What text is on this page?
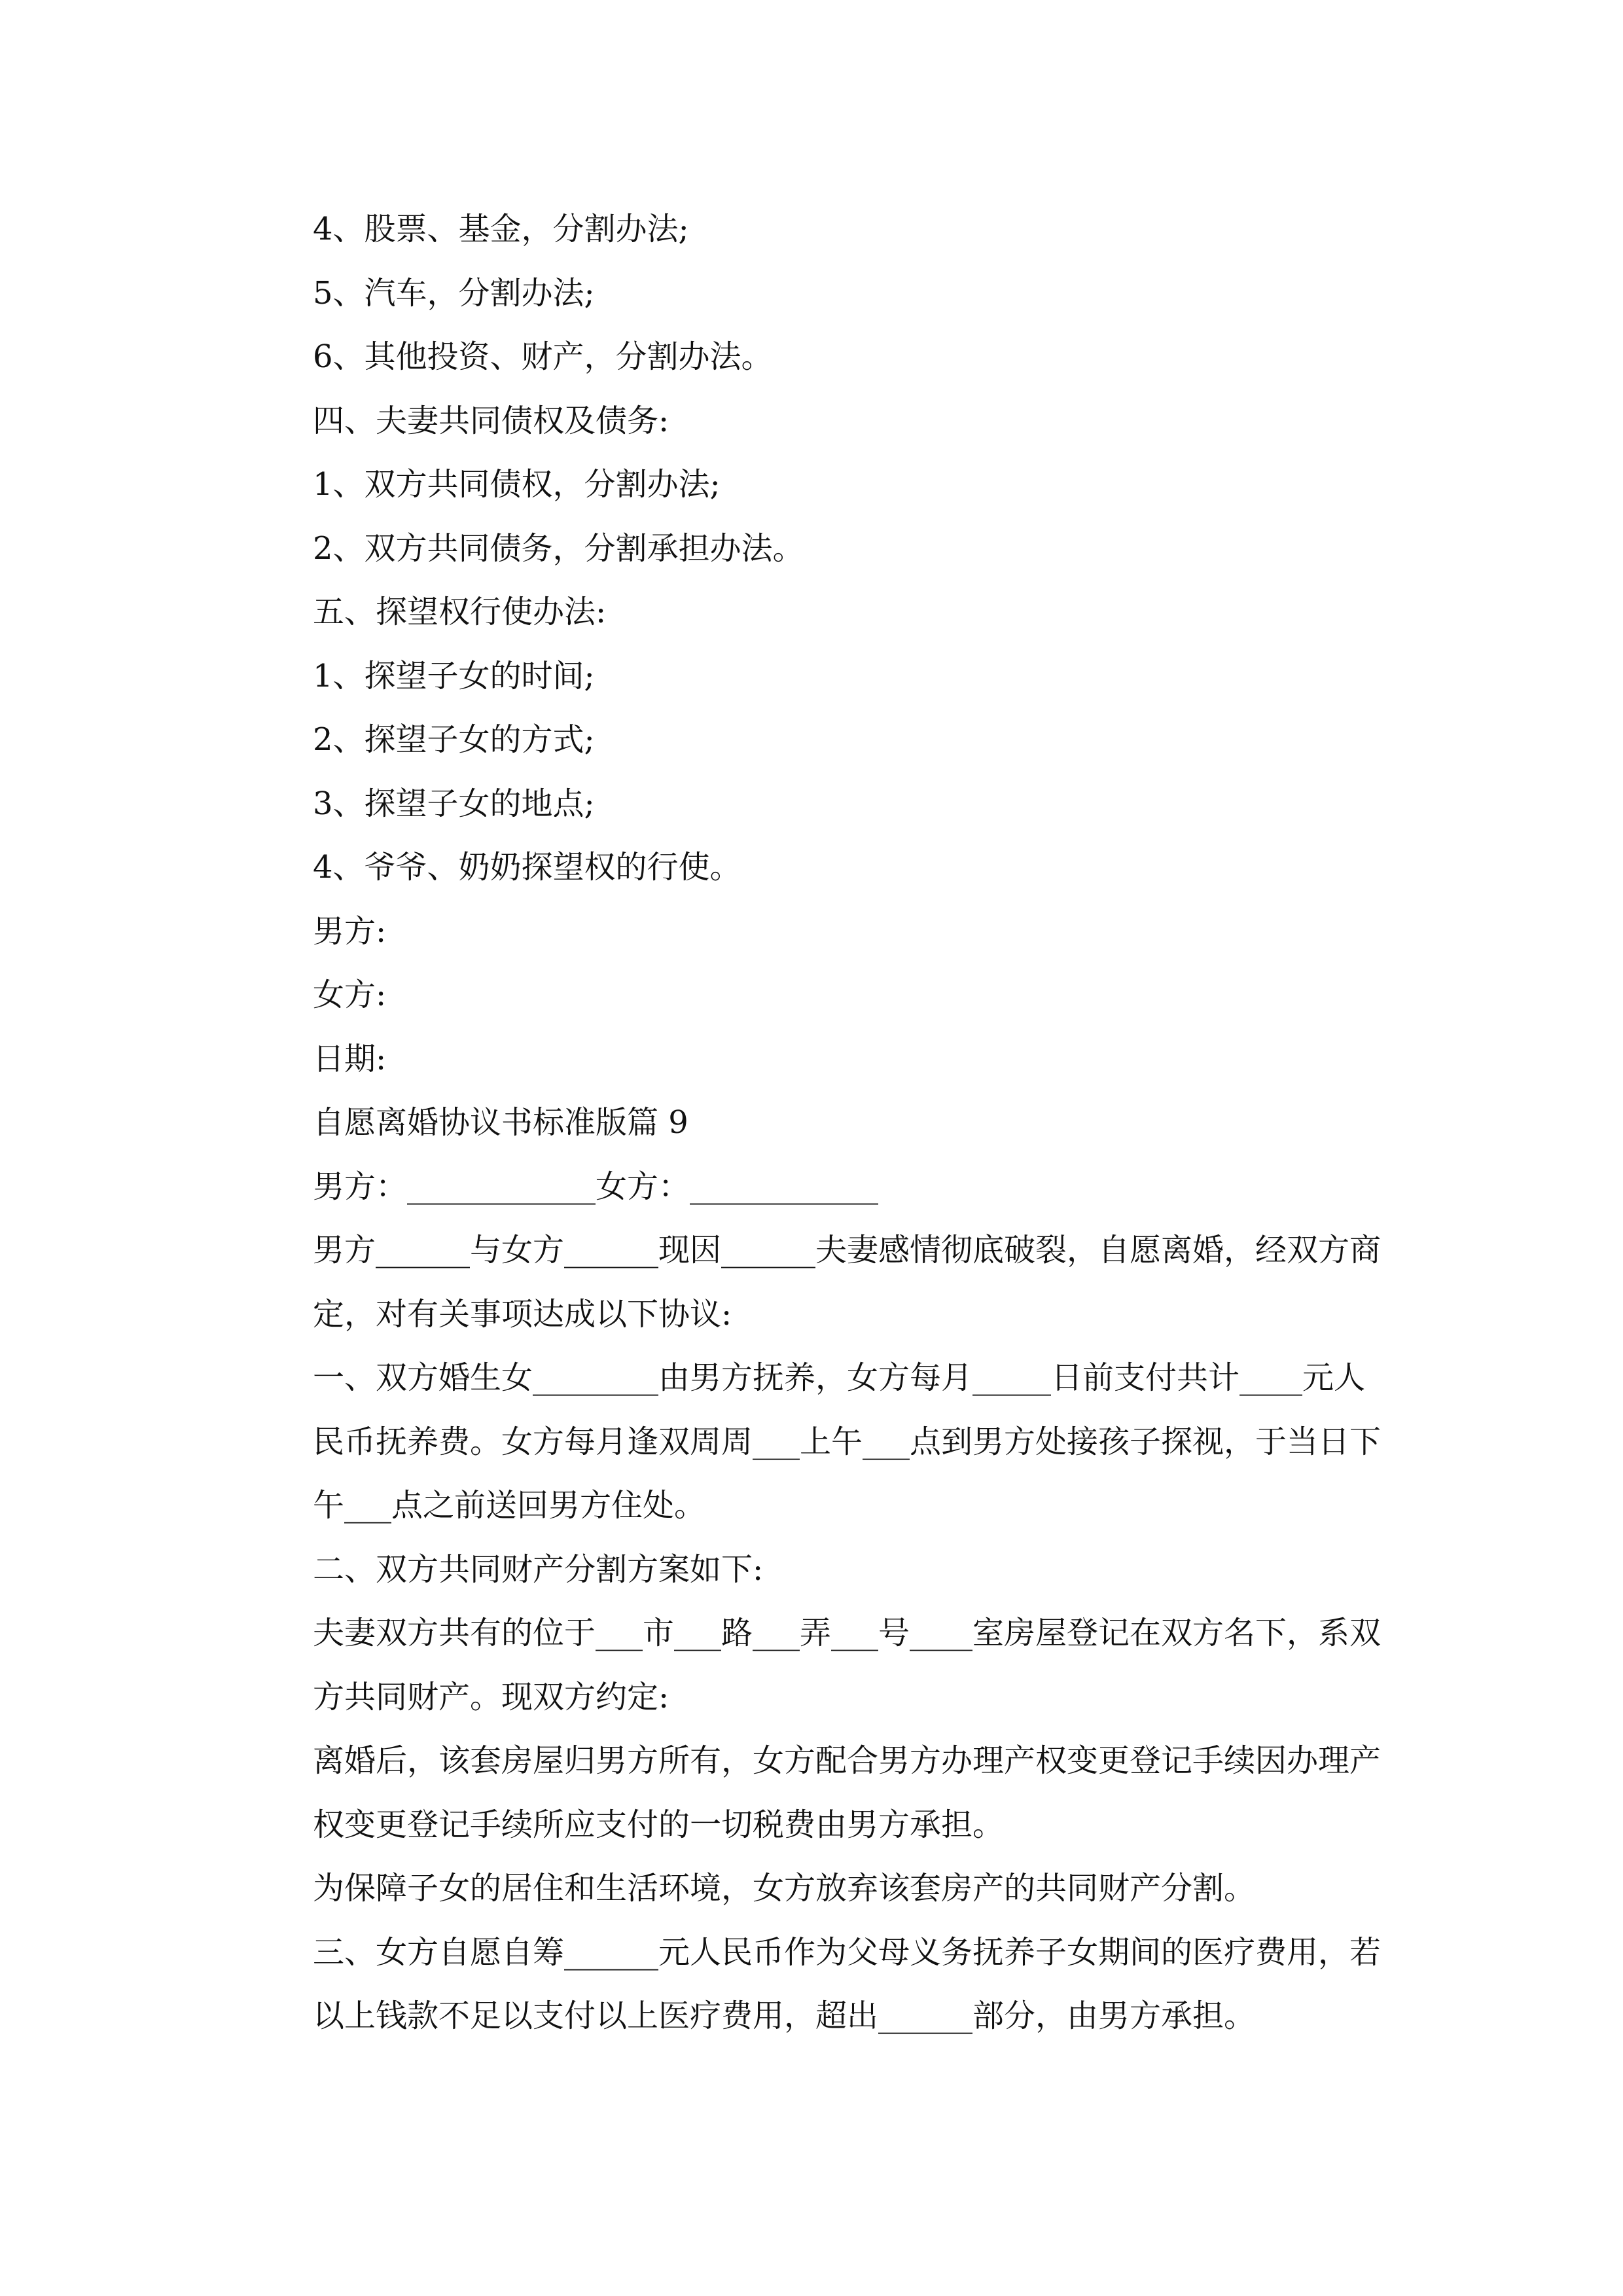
4、股票、基金，分割办法;

5、汽车，分割办法;

6、其他投资、财产，分割办法。

四、夫妻共同债权及债务:

1、双方共同债权，分割办法;

2、双方共同债务，分割承担办法。

五、探望权行使办法:

1、探望子女的时间;

2、探望子女的方式;

3、探望子女的地点;

4、爷爷、奶奶探望权的行使。

男方:

女方:

日期:

自愿离婚协议书标准版篇 9

男方：____________女方：____________

男方______与女方______现因______夫妻感情彻底破裂，自愿离婚，经双方商定，对有关事项达成以下协议:

一、双方婚生女________由男方抚养，女方每月_____日前支付共计____元人民币抚养费。女方每月逢双周周___上午___点到男方处接孩子探视，于当日下午___点之前送回男方住处。

二、双方共同财产分割方案如下:

夫妻双方共有的位于___市___路___弄___号____室房屋登记在双方名下，系双方共同财产。现双方约定:

离婚后，该套房屋归男方所有，女方配合男方办理产权变更登记手续因办理产权变更登记手续所应支付的一切税费由男方承担。

为保障子女的居住和生活环境，女方放弃该套房产的共同财产分割。

三、女方自愿自筹______元人民币作为父母义务抚养子女期间的医疗费用，若以上钱款不足以支付以上医疗费用，超出______部分，由男方承担。
